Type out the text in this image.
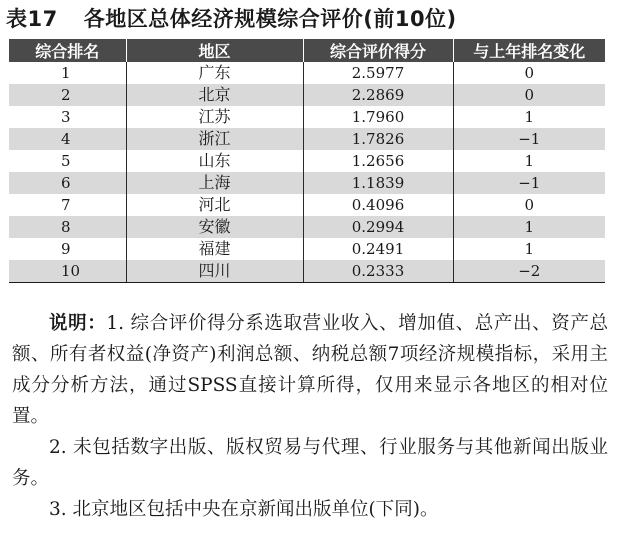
表17 各地区总体经济规模综合评价(前10位)
综合排名	地区	综合评价得分	与上年排名变化
1	广东	2.5977	0
2	北京	2.2869	0
3	江苏	1.7960	1
4	浙江	1.7826	−1
5	山东	1.2656	1
6	上海	1.1839	−1
7	河北	0.4096	0
8	安徽	0.2994	1
9	福建	0.2491	1
10	四川	0.2333	−2

说明：1. 综合评价得分系选取营业收入、增加值、总产出、资产总额、所有者权益(净资产)利润总额、纳税总额7项经济规模指标，采用主成分分析方法，通过SPSS直接计算所得，仅用来显示各地区的相对位置。

2. 未包括数字出版、版权贸易与代理、行业服务与其他新闻出版业务。

3. 北京地区包括中央在京新闻出版单位(下同)。
